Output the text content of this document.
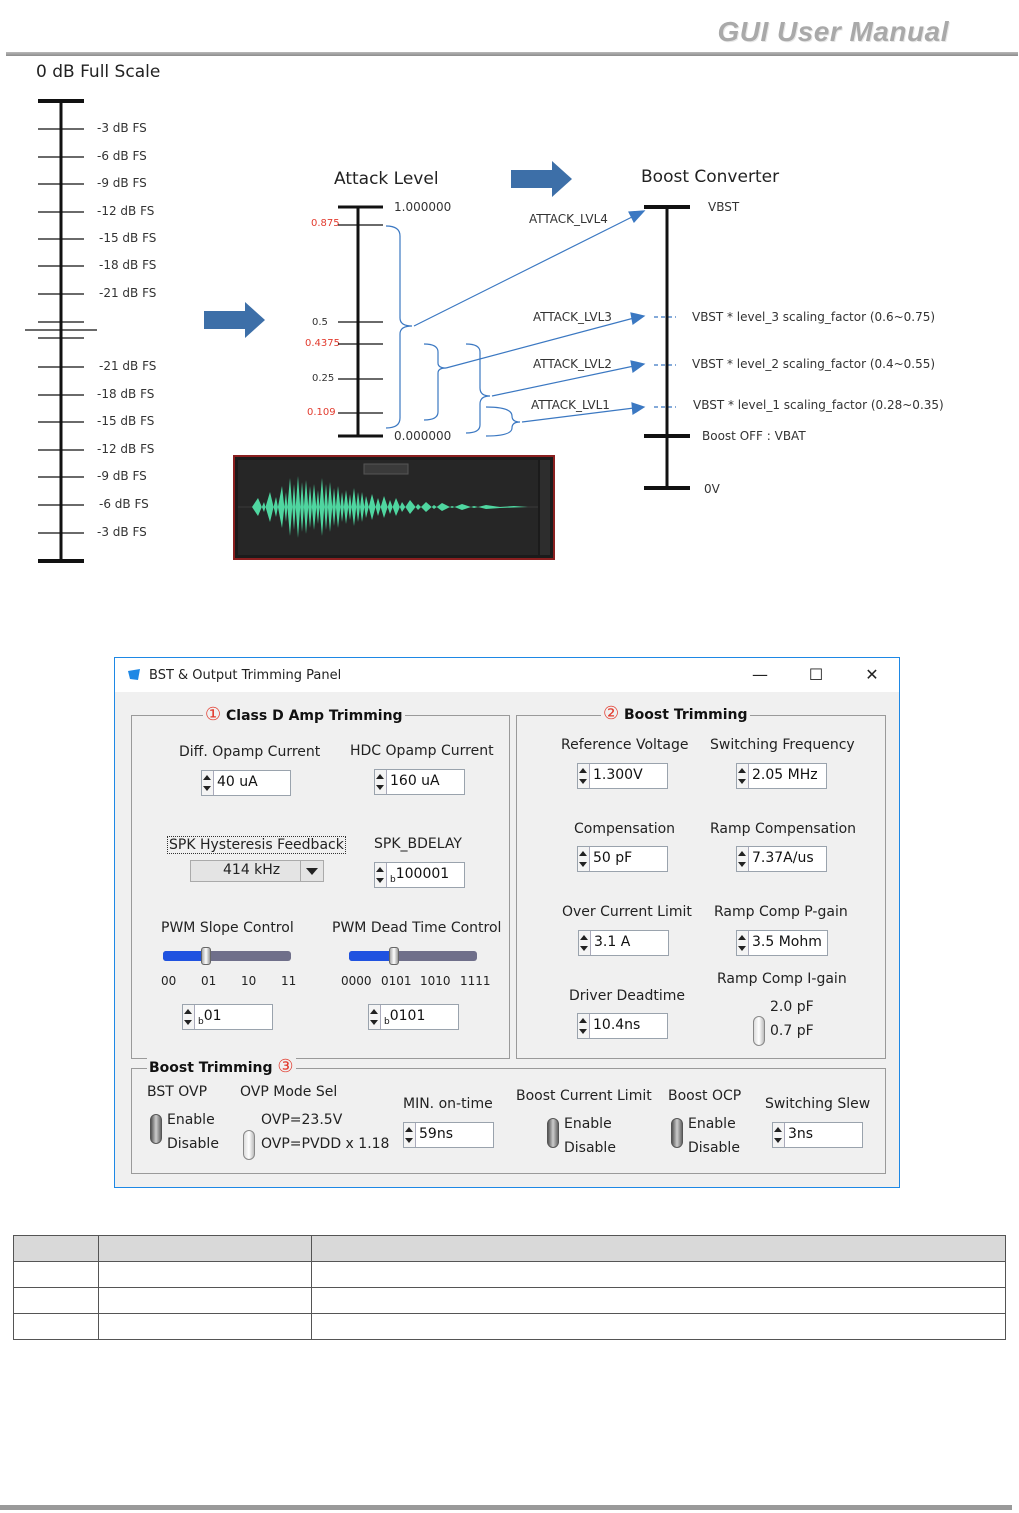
GUI User Manual
0 dB Full Scale
-3 dB FS
-6 dB FS
-9 dB FS
-12 dB FS
-15 dB FS
-18 dB FS
-21 dB FS
-21 dB FS
-18 dB FS
-15 dB FS
-12 dB FS
-9 dB FS
-6 dB FS
-3 dB FS
Attack Level	Boost Converter
1.000000
0.875
0.5
0.4375
0.25
0.109
0.000000
ATTACK_LVL4
ATTACK_LVL3
ATTACK_LVL2
ATTACK_LVL1
VBST
VBST * level_3 scaling_factor (0.6~0.75)
VBST * level_2 scaling_factor (0.4~0.55)
VBST * level_1 scaling_factor (0.28~0.35)
Boost OFF : VBAT
0V
BST & Output Trimming Panel	—	☐	✕
① Class D Amp Trimming
Diff. Opamp Current
40 uA
HDC Opamp Current
160 uA
SPK Hysteresis Feedback
414 kHz
SPK_BDELAY
$_b$100001
PWM Slope Control
00 01 10 11
$_b$01
PWM Dead Time Control
0000 0101 1010 1111
$_b$0101
② Boost Trimming
Reference Voltage
1.300V
Switching Frequency
2.05 MHz
Compensation
50 pF
Ramp Compensation
7.37A/us
Over Current Limit
3.1 A
Ramp Comp P-gain
3.5 Mohm
Ramp Comp I-gain
2.0 pF
0.7 pF
Driver Deadtime
10.4ns
Boost Trimming ③
BST OVP
Enable
Disable
OVP Mode Sel
OVP=23.5V
OVP=PVDD x 1.18
MIN. on-time
59ns
Boost Current Limit
Enable
Disable
Boost OCP
Enable
Disable
Switching Slew
3ns
